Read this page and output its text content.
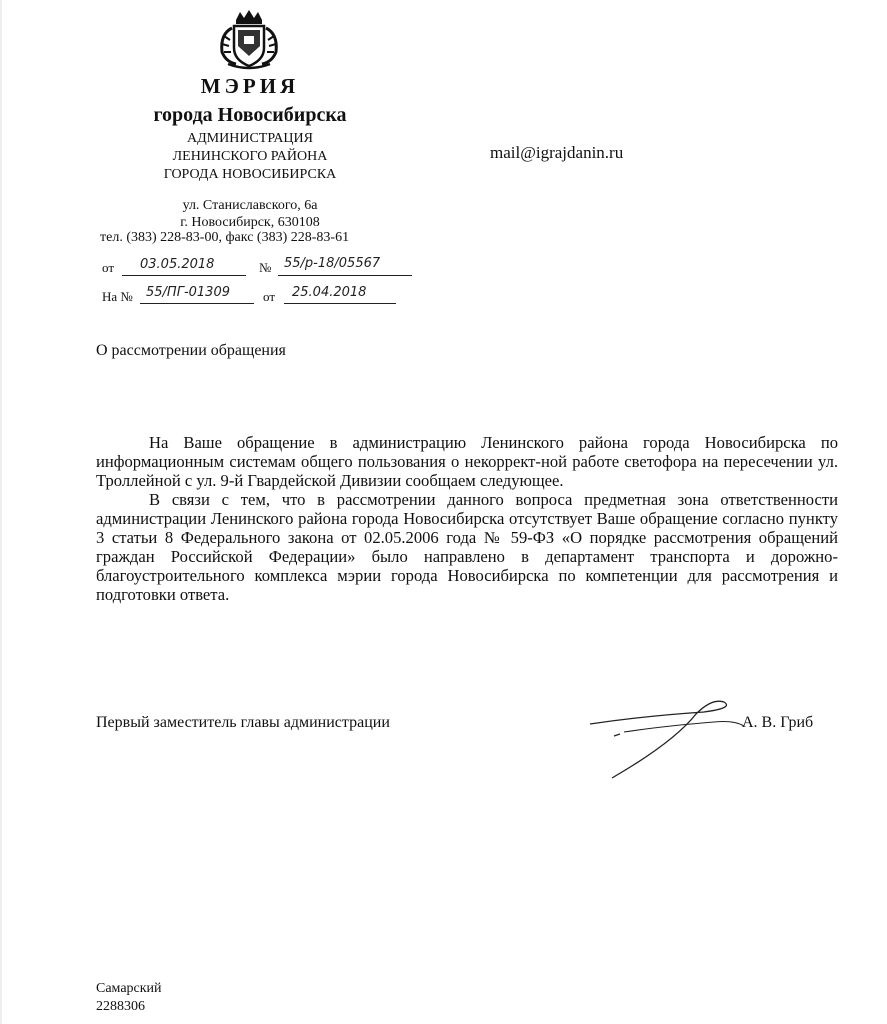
МЭРИЯ
города Новосибирска
АДМИНИСТРАЦИЯ
ЛЕНИНСКОГО РАЙОНА
ГОРОДА НОВОСИБИРСКА
ул. Станиславского, 6а
г. Новосибирск, 630108
тел. (383) 228-83-00, факс (383) 228-83-61
mail@igrajdanin.ru
от 03.05.2018	№ 55/р-18/05567
На № 55/ПГ-01309	от 25.04.2018
О рассмотрении обращения

На Ваше обращение в администрацию Ленинского района города Новосибирска по информационным системам общего пользования о некоррект-ной работе светофора на пересечении ул. Троллейной с ул. 9-й Гвардейской Дивизии сообщаем следующее.

В связи с тем, что в рассмотрении данного вопроса предметная зона ответственности администрации Ленинского района города Новосибирска отсутствует Ваше обращение согласно пункту 3 статьи 8 Федерального закона от 02.05.2006 года № 59-ФЗ «О порядке рассмотрения обращений граждан Российской Федерации» было направлено в департамент транспорта и дорожно-благоустроительного комплекса мэрии города Новосибирска по компетенции для рассмотрения и подготовки ответа.

Первый заместитель главы администрации	А. В. Гриб
Самарский
2288306
